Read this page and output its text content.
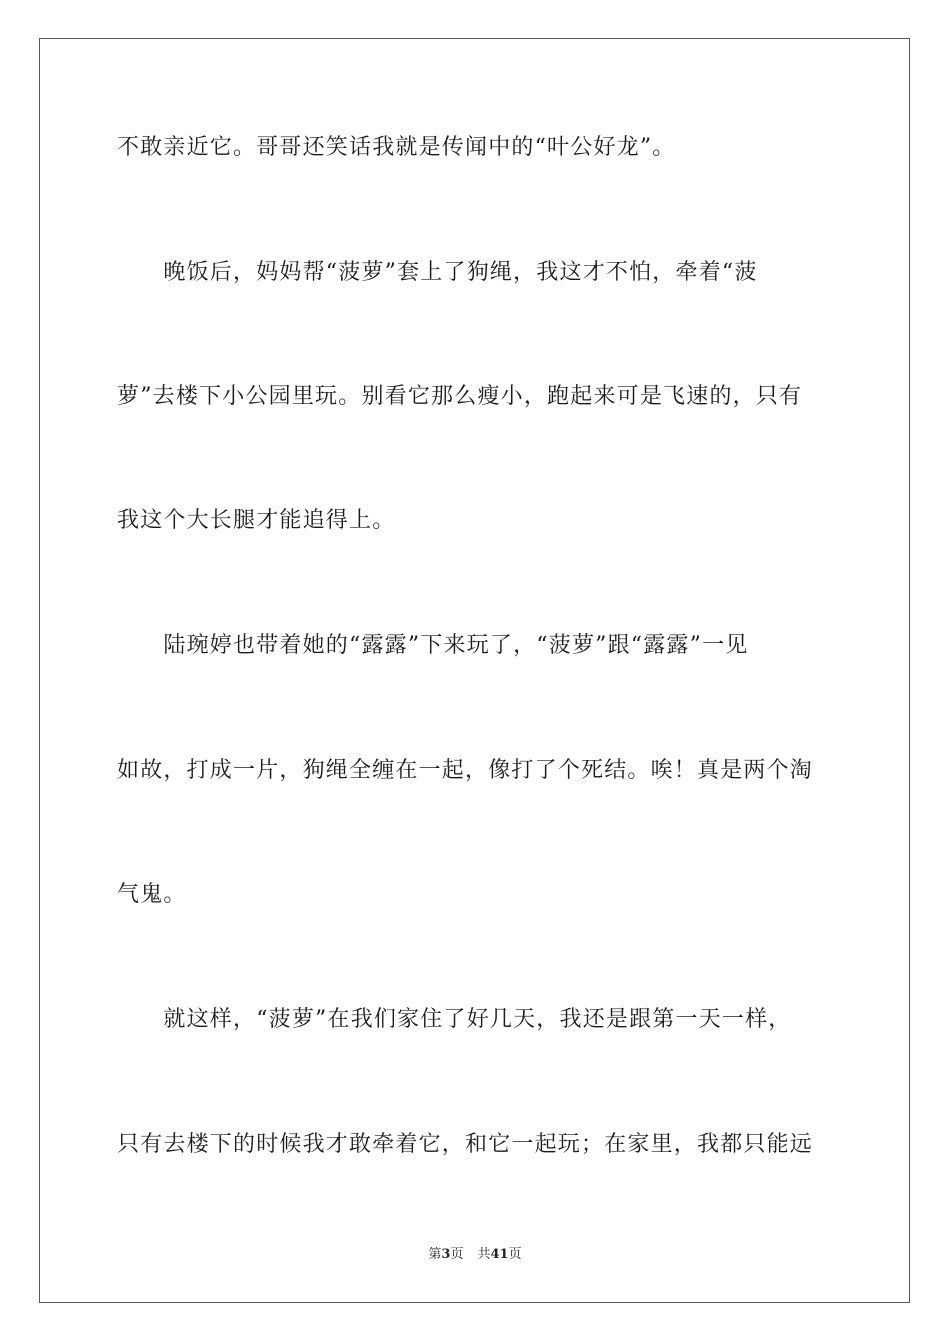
不敢亲近它。哥哥还笑话我就是传闻中的“叶公好龙”。
　　晚饭后，妈妈帮“菠萝”套上了狗绳，我这才不怕，牵着“菠
萝”去楼下小公园里玩。别看它那么瘦小，跑起来可是飞速的，只有
我这个大长腿才能追得上。
　　陆琬婷也带着她的“露露”下来玩了，“菠萝”跟“露露”一见
如故，打成一片，狗绳全缠在一起，像打了个死结。唉！真是两个淘
气鬼。
　　就这样，“菠萝”在我们家住了好几天，我还是跟第一天一样，
只有去楼下的时候我才敢牵着它，和它一起玩；在家里，我都只能远
第3页 共41页
